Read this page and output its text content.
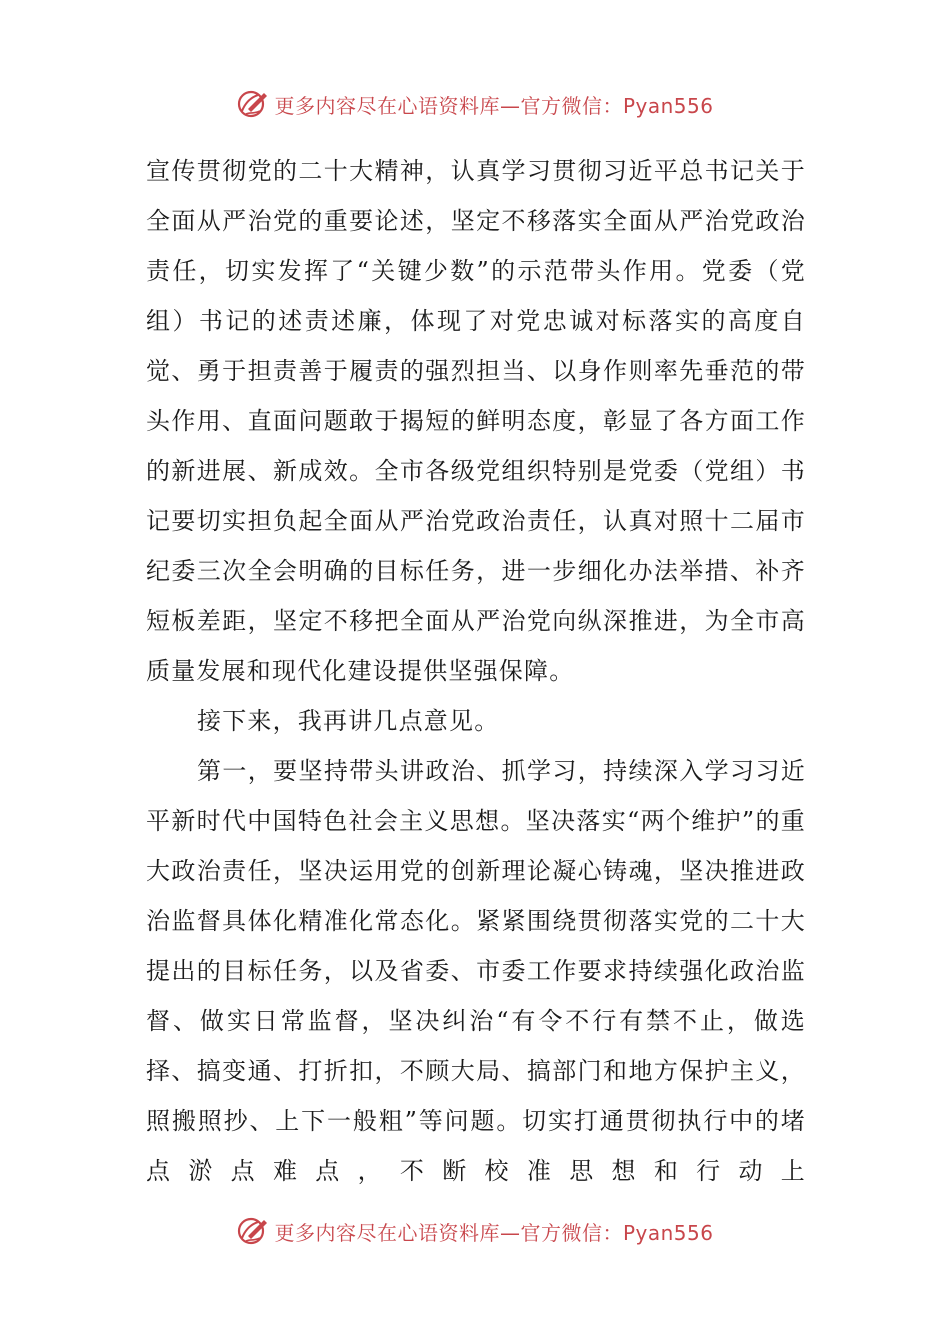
更多内容尽在心语资料库—官方微信：Pyan556

宣传贯彻党的二十大精神，认真学习贯彻习近平总书记关于全面从严治党的重要论述，坚定不移落实全面从严治党政治责任，切实发挥了“关键少数”的示范带头作用。党委（党组）书记的述责述廉，体现了对党忠诚对标落实的高度自觉、勇于担责善于履责的强烈担当、以身作则率先垂范的带头作用、直面问题敢于揭短的鲜明态度，彰显了各方面工作的新进展、新成效。全市各级党组织特别是党委（党组）书记要切实担负起全面从严治党政治责任，认真对照十二届市纪委三次全会明确的目标任务，进一步细化办法举措、补齐短板差距，坚定不移把全面从严治党向纵深推进，为全市高质量发展和现代化建设提供坚强保障。

接下来，我再讲几点意见。

第一，要坚持带头讲政治、抓学习，持续深入学习习近平新时代中国特色社会主义思想。坚决落实“两个维护”的重大政治责任，坚决运用党的创新理论凝心铸魂，坚决推进政治监督具体化精准化常态化。紧紧围绕贯彻落实党的二十大提出的目标任务，以及省委、市委工作要求持续强化政治监督、做实日常监督，坚决纠治“有令不行有禁不止，做选择、搞变通、打折扣，不顾大局、搞部门和地方保护主义，照搬照抄、上下一般粗”等问题。切实打通贯彻执行中的堵点淤点难点，不断校准思想和行动上

更多内容尽在心语资料库—官方微信：Pyan556
